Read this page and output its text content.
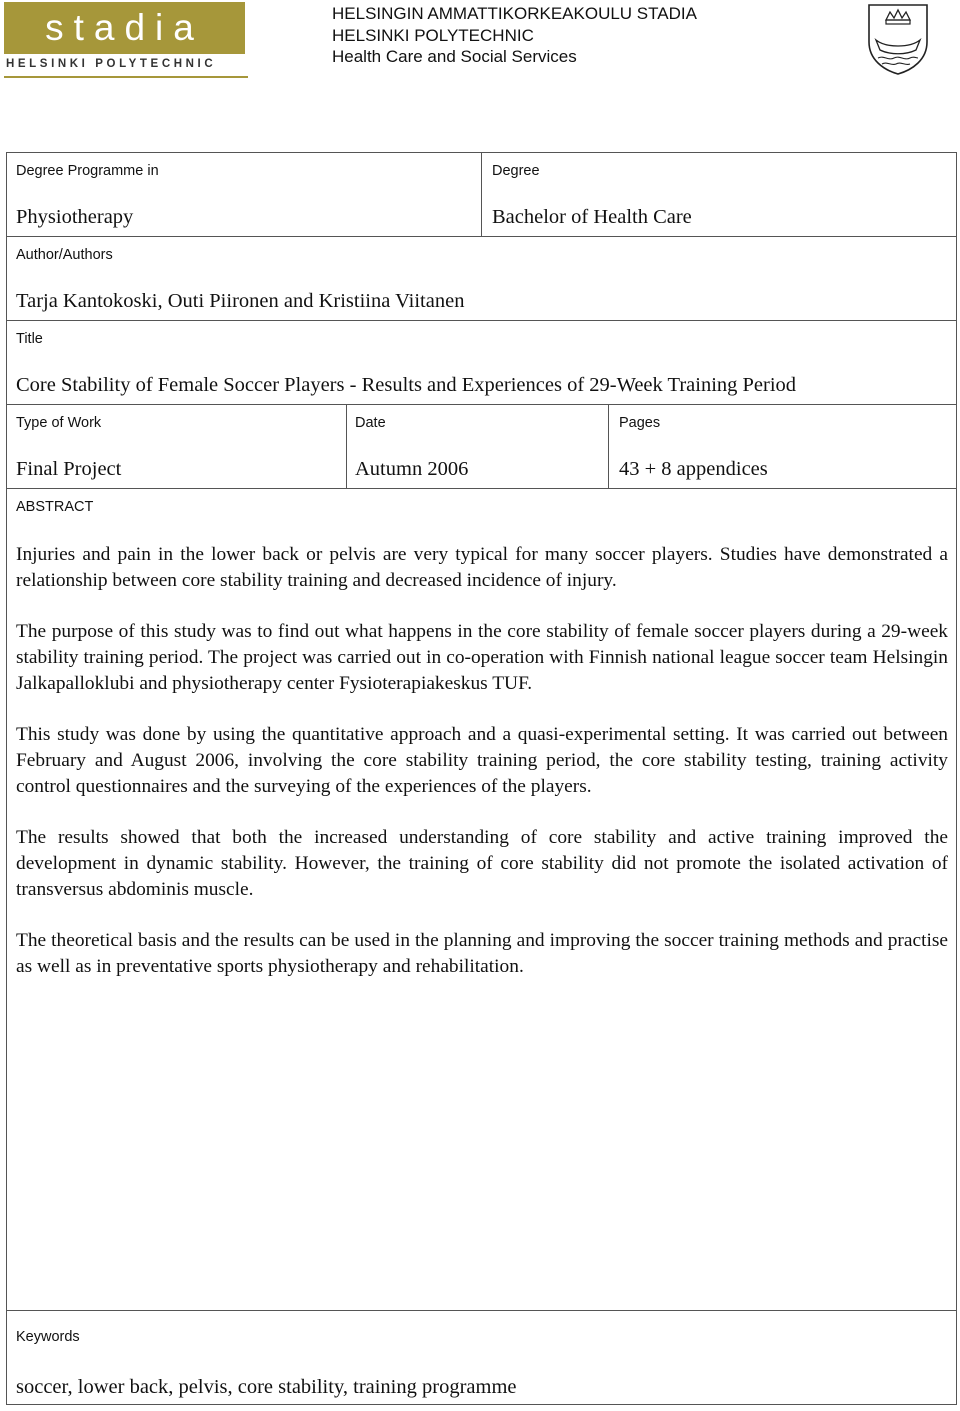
stadia
HELSINKI POLYTECHNIC
HELSINGIN AMMATTIKORKEAKOULU STADIA
HELSINKI POLYTECHNIC
Health Care and Social Services
Degree Programme in
Physiotherapy
Degree
Bachelor of Health Care
Author/Authors
Tarja Kantokoski, Outi Piironen and Kristiina Viitanen
Title
Core Stability of Female Soccer Players - Results and Experiences of 29-Week Training Period
Type of Work
Final Project
Date
Autumn 2006
Pages
43 + 8 appendices
ABSTRACT

Injuries and pain in the lower back or pelvis are very typical for many soccer players. Studies have demonstrated a relationship between core stability training and decreased incidence of injury.

The purpose of this study was to find out what happens in the core stability of female soccer players during a 29-week stability training period. The project was carried out in co-operation with Finnish national league soccer team Helsingin Jalkapalloklubi and physiotherapy center Fysioterapiakeskus TUF.

This study was done by using the quantitative approach and a quasi-experimental setting. It was carried out between February and August 2006, involving the core stability training period, the core stability testing, training activity control questionnaires and the surveying of the experiences of the players.

The results showed that both the increased understanding of core stability and active training improved the development in dynamic stability. However, the training of core stability did not promote the isolated activation of transversus abdominis muscle.

The theoretical basis and the results can be used in the planning and improving the soccer training methods and practise as well as in preventative sports physiotherapy and rehabilitation.

Keywords
soccer, lower back, pelvis, core stability, training programme
